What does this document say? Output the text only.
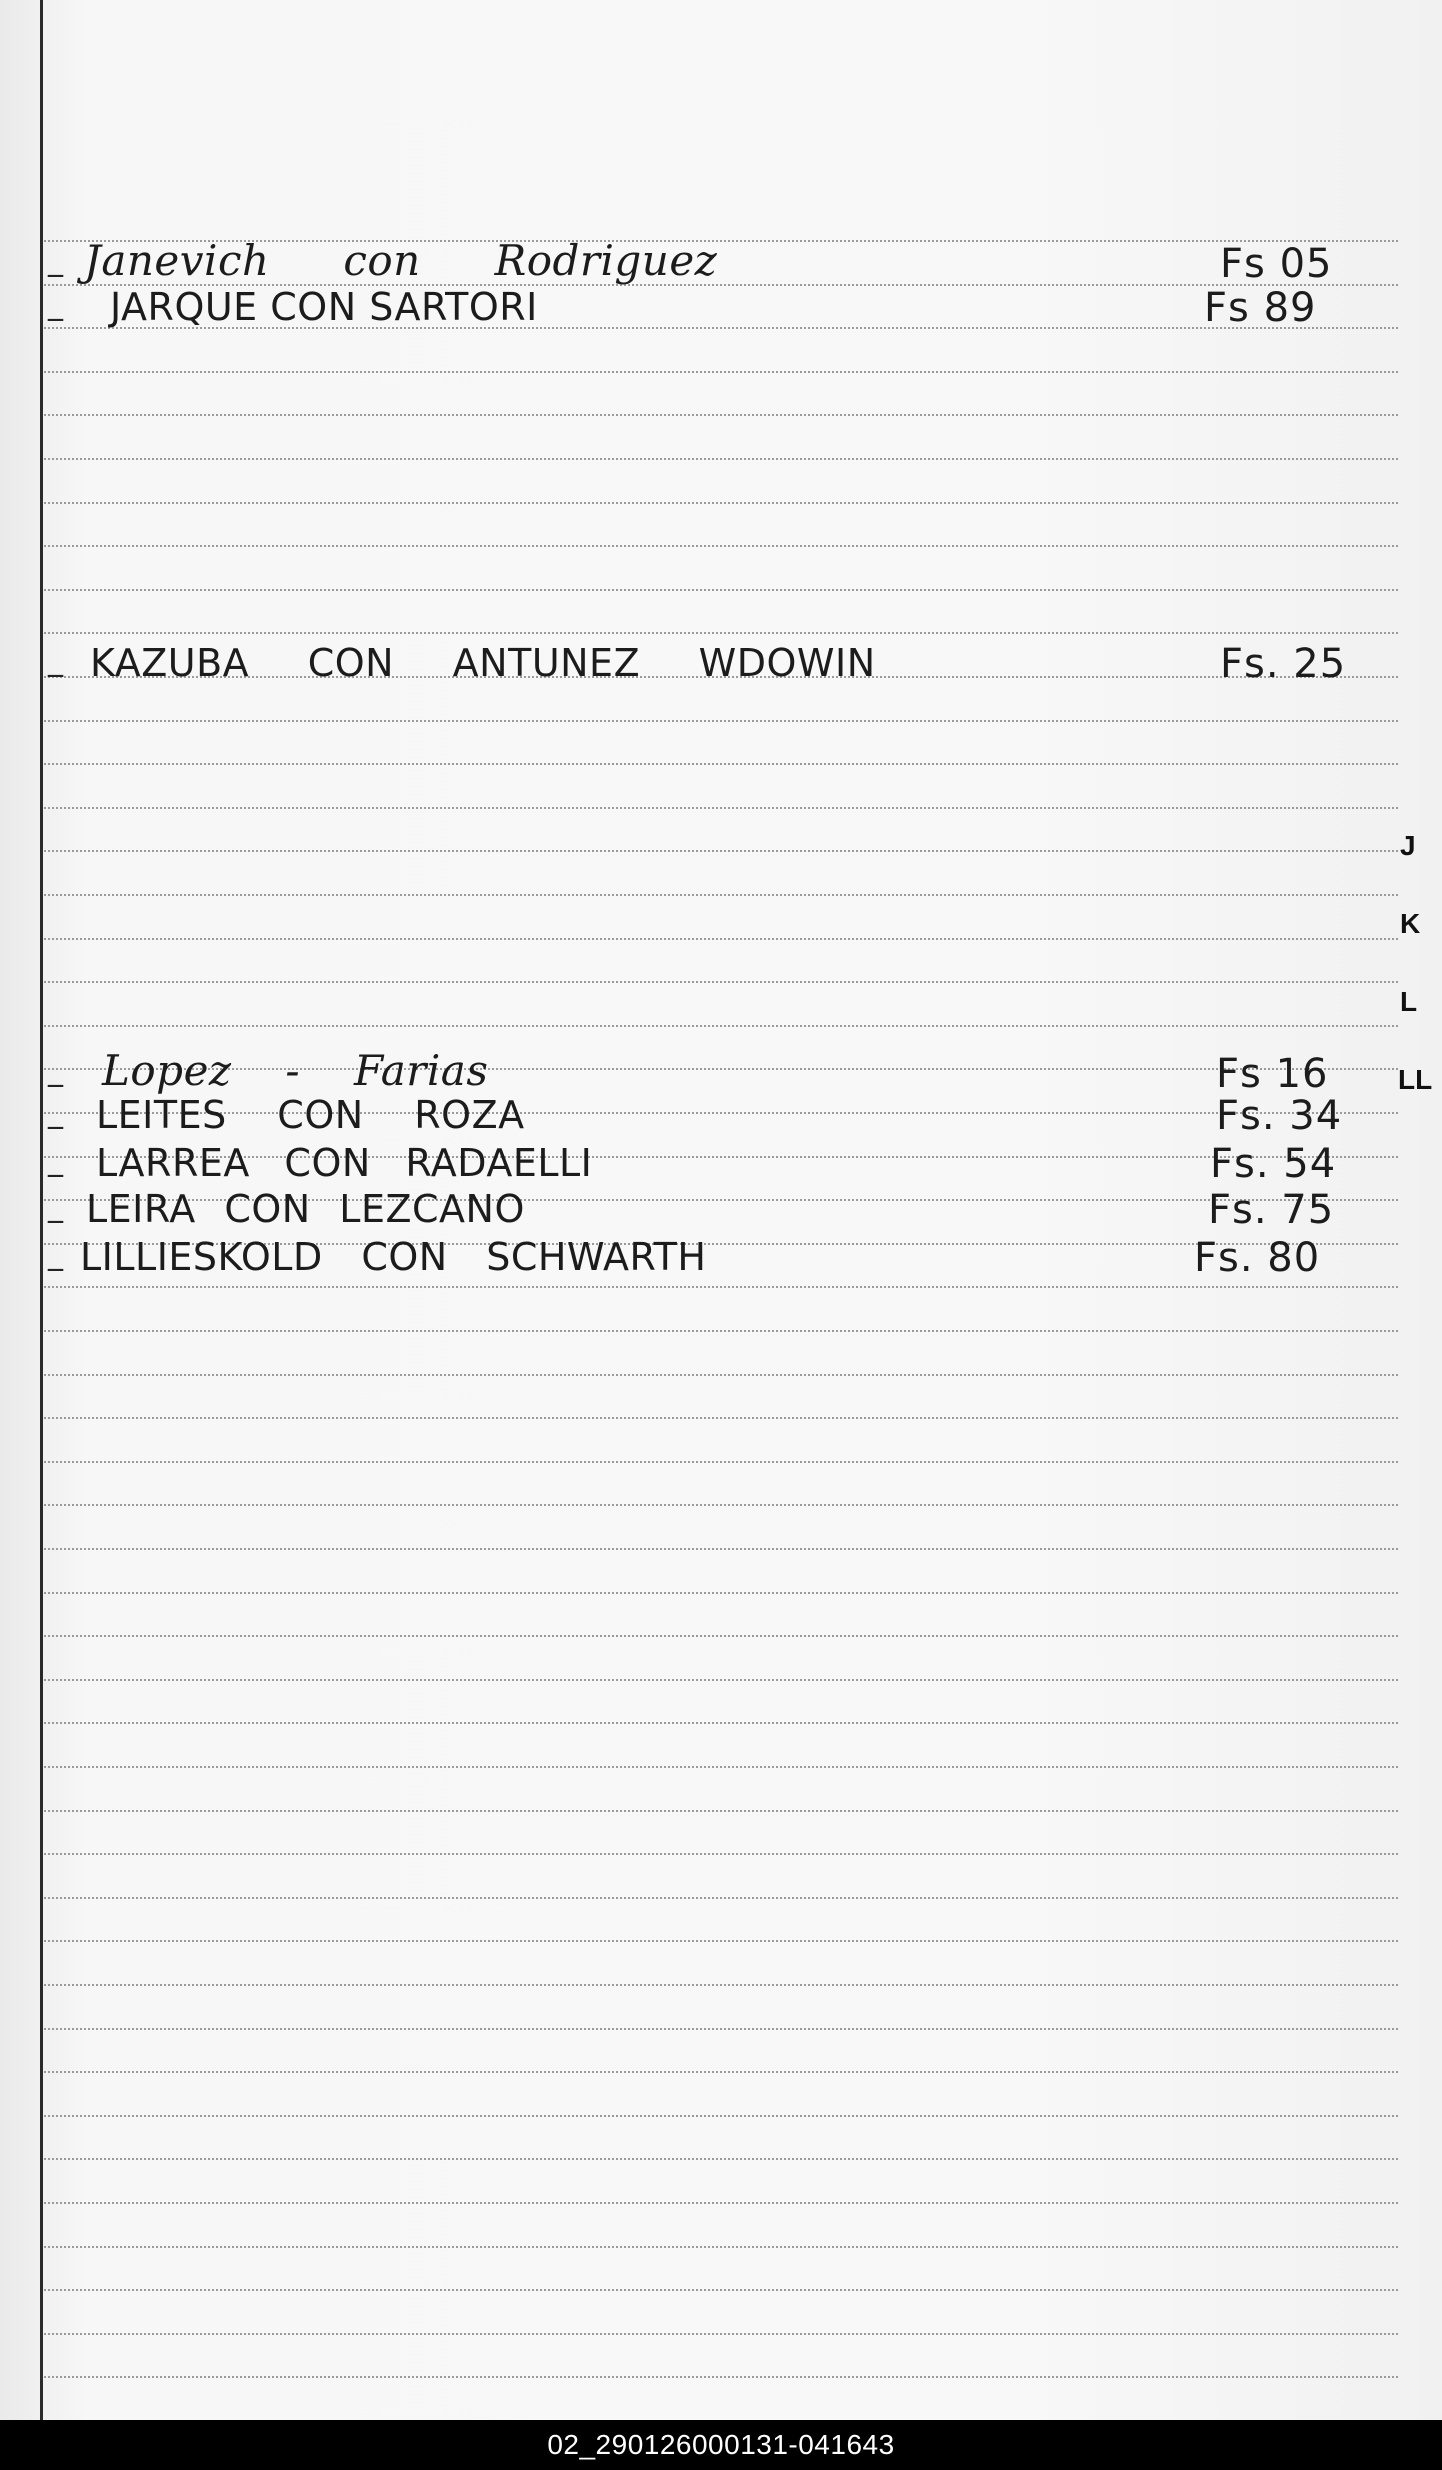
_ Janevich con Rodriguez	Fs 05
_ JARQUE CON SARTORI	Fs 89
_ KAZUBA CON ANTUNEZ WDOWIN	Fs. 25
_ Lopez - Farias	Fs 16
_ LEITES CON ROZA	Fs. 34
_ LARREA CON RADAELLI	Fs. 54
_ LEIRA CON LEZCANO	Fs. 75
_ LILLIESKOLD CON SCHWARTH	Fs. 80
J
K
L
LL
02_290126000131-041643
